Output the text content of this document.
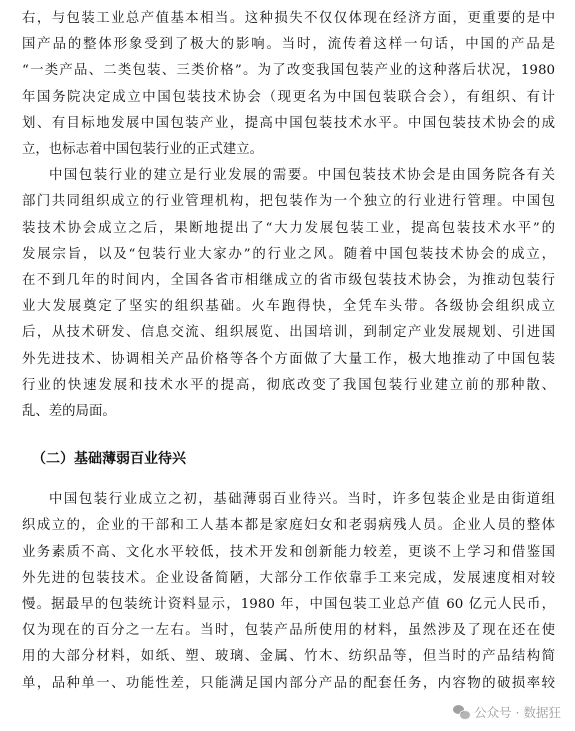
右，与包装工业总产值基本相当。这种损失不仅仅体现在经济方面，更重要的是中
国产品的整体形象受到了极大的影响。当时，流传着这样一句话，中国的产品是
“一类产品、二类包装、三类价格”。为了改变我国包装产业的这种落后状况，1980
年国务院决定成立中国包装技术协会（现更名为中国包装联合会），有组织、有计
划、有目标地发展中国包装产业，提高中国包装技术水平。中国包装技术协会的成
立，也标志着中国包装行业的正式建立。
中国包装行业的建立是行业发展的需要。中国包装技术协会是由国务院各有关
部门共同组织成立的行业管理机构，把包装作为一个独立的行业进行管理。中国包
装技术协会成立之后，果断地提出了“大力发展包装工业，提高包装技术水平”的
发展宗旨，以及“包装行业大家办”的行业之风。随着中国包装技术协会的成立，
在不到几年的时间内，全国各省市相继成立的省市级包装技术协会，为推动包装行
业大发展奠定了坚实的组织基础。火车跑得快，全凭车头带。各级协会组织成立
后，从技术研发、信息交流、组织展览、出国培训，到制定产业发展规划、引进国
外先进技术、协调相关产品价格等各个方面做了大量工作，极大地推动了中国包装
行业的快速发展和技术水平的提高，彻底改变了我国包装行业建立前的那种散、
乱、差的局面。
（二）基础薄弱百业待兴
中国包装行业成立之初，基础薄弱百业待兴。当时，许多包装企业是由街道组
织成立的，企业的干部和工人基本都是家庭妇女和老弱病残人员。企业人员的整体
业务素质不高、文化水平较低，技术开发和创新能力较差，更谈不上学习和借鉴国
外先进的包装技术。企业设备简陋，大部分工作依靠手工来完成，发展速度相对较
慢。据最早的包装统计资料显示，1980 年，中国包装工业总产值 60 亿元人民币，
仅为现在的百分之一左右。当时，包装产品所使用的材料，虽然涉及了现在还在使
用的大部分材料，如纸、塑、玻璃、金属、竹木、纺织品等，但当时的产品结构简
单，品种单一、功能性差，只能满足国内部分产品的配套任务，内容物的破损率较
公众号 · 数据狂
